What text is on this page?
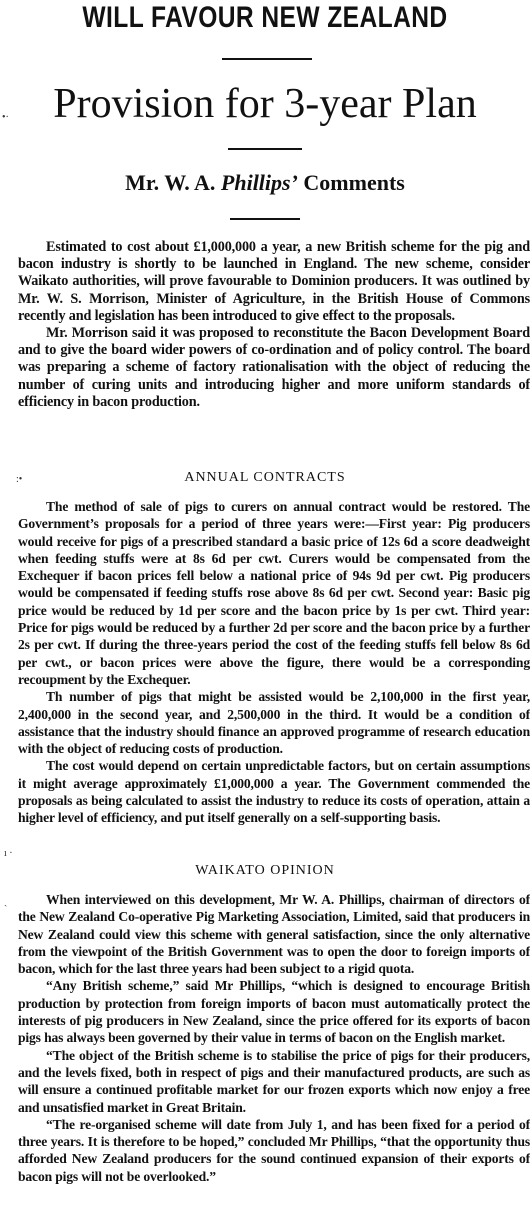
WILL FAVOUR NEW ZEALAND
•·	Provision for 3-year Plan
Mr. W. A. Phillips’ Comments

Estimated to cost about £1,000,000 a year, a new British scheme for the pig and bacon industry is shortly to be launched in England. The new scheme, consider Waikato authorities, will prove favourable to Dominion producers. It was outlined by Mr. W. S. Morrison, Minister of Agriculture, in the British House of Commons recently and legislation has been introduced to give effect to the proposals.

Mr. Morrison said it was proposed to reconstitute the Bacon Development Board and to give the board wider powers of co-ordination and of policy control. The board was preparing a scheme of factory rationalisation with the object of reducing the number of curing units and introducing higher and more uniform standards of efficiency in bacon production.

:•	ANNUAL CONTRACTS

The method of sale of pigs to curers on annual contract would be restored. The Government’s proposals for a period of three years were:—First year: Pig producers would receive for pigs of a prescribed standard a basic price of 12s 6d a score deadweight when feeding stuffs were at 8s 6d per cwt. Curers would be compensated from the Exchequer if bacon prices fell below a national price of 94s 9d per cwt. Pig producers would be compensated if feeding stuffs rose above 8s 6d per cwt. Second year: Basic pig price would be reduced by 1d per score and the bacon price by 1s per cwt. Third year: Price for pigs would be reduced by a further 2d per score and the bacon price by a further 2s per cwt. If during the three-years period the cost of the feeding stuffs fell below 8s 6d per cwt., or bacon prices were above the figure, there would be a corresponding recoupment by the Exchequer.

Th number of pigs that might be assisted would be 2,100,000 in the first year, 2,400,000 in the second year, and 2,500,000 in the third. It would be a condition of assistance that the industry should finance an approved programme of research education with the object of reducing costs of production.

The cost would depend on certain unpredictable factors, but on certain assumptions it might average approximately £1,000,000 a year. The Government commended the proposals as being calculated to assist the industry to reduce its costs of operation, attain a higher level of efficiency, and put itself generally on a self-supporting basis.

ı ·
WAIKATO OPINION
ˏ	When interviewed on this development, Mr W. A. Phillips, chairman of directors of the New Zealand Co-operative Pig Marketing Association, Limited, said that producers in New Zealand could view this scheme with general satisfaction, since the only alternative from the viewpoint of the British Government was to open the door to foreign imports of bacon, which for the last three years had been subject to a rigid quota.

“Any British scheme,” said Mr Phillips, “which is designed to encourage British production by protection from foreign imports of bacon must automatically protect the interests of pig producers in New Zealand, since the price offered for its exports of bacon pigs has always been governed by their value in terms of bacon on the English market.

“The object of the British scheme is to stabilise the price of pigs for their producers, and the levels fixed, both in respect of pigs and their manufactured products, are such as will ensure a continued profitable market for our frozen exports which now enjoy a free and unsatisfied market in Great Britain.

“The re-organised scheme will date from July 1, and has been fixed for a period of three years. It is therefore to be hoped,” concluded Mr Phillips, “that the opportunity thus afforded New Zealand producers for the sound continued expansion of their exports of bacon pigs will not be overlooked.”
